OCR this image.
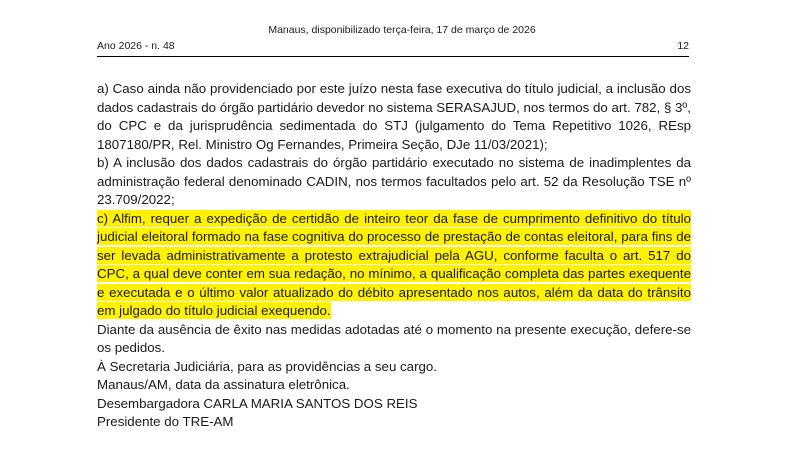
Ano 2026 - n. 48
Manaus, disponibilizado terça-feira, 17 de março de 2026
12

a) Caso ainda não providenciado por este juízo nesta fase executiva do título judicial, a inclusão dos dados cadastrais do órgão partidário devedor no sistema SERASAJUD, nos termos do art. 782, § 3º, do CPC e da jurisprudência sedimentada do STJ (julgamento do Tema Repetitivo 1026, REsp 1807180/PR, Rel. Ministro Og Fernandes, Primeira Seção, DJe 11/03/2021);

b) A inclusão dos dados cadastrais do órgão partidário executado no sistema de inadimplentes da administração federal denominado CADIN, nos termos facultados pelo art. 52 da Resolução TSE nº 23.709/2022;

c) Alfim, requer a expedição de certidão de inteiro teor da fase de cumprimento definitivo do título judicial eleitoral formado na fase cognitiva do processo de prestação de contas eleitoral, para fins de ser levada administrativamente a protesto extrajudicial pela AGU, conforme faculta o art. 517 do CPC, a qual deve conter em sua redação, no mínimo, a qualificação completa das partes exequente e executada e o último valor atualizado do débito apresentado nos autos, além da data do trânsito em julgado do título judicial exequendo.

Diante da ausência de êxito nas medidas adotadas até o momento na presente execução, defere-se os pedidos.

À Secretaria Judiciária, para as providências a seu cargo.

Manaus/AM, data da assinatura eletrônica.

Desembargadora CARLA MARIA SANTOS DOS REIS

Presidente do TRE-AM
